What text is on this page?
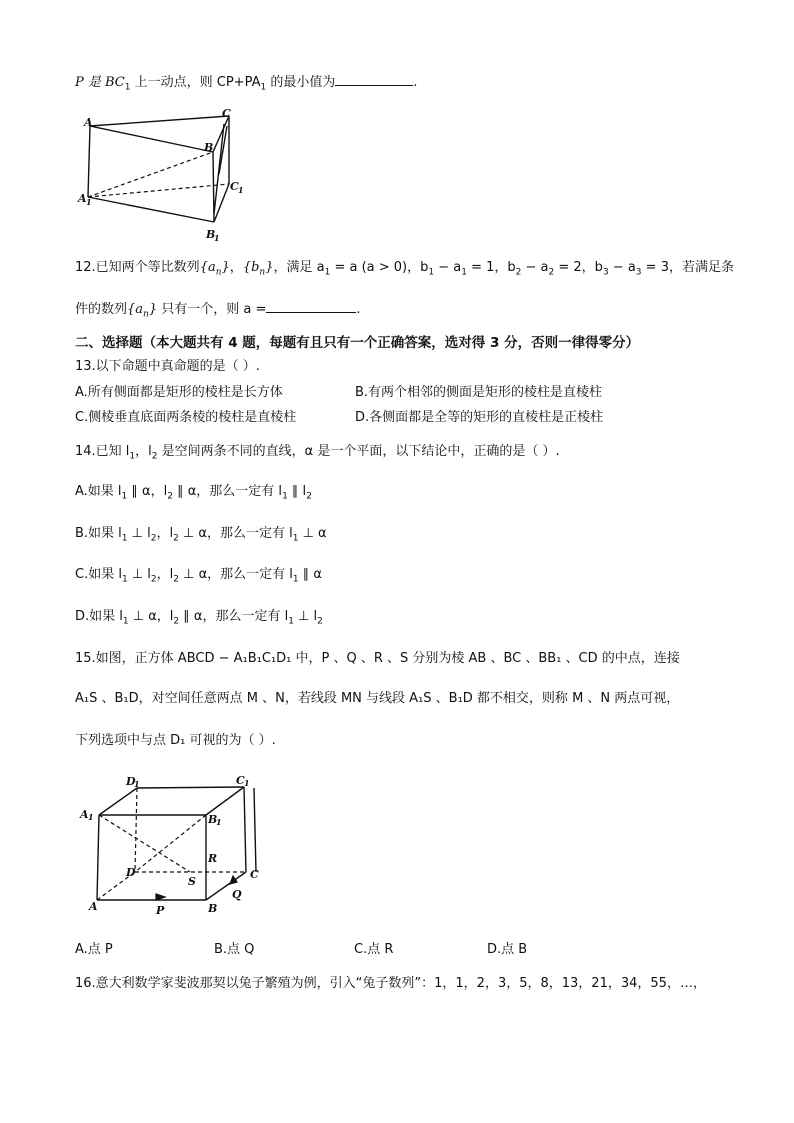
P 是 $BC_1$ 上一动点，则 $CP+PA_1$ 的最小值为	.
A
C
B
C 1
A 1
B
1
12.已知两个等比数列$\{a_n\}$，$\{b_n\}$，满足 $a_1 = a$ (a > 0)，$b_1 - a_1 = 1$，$b_2 - a_2 = 2$，$b_3 - a_3 = 3$，若满足条
件的数列$\{a_n\}$ 只有一个，则 a =	.
二、选择题（本大题共有 4 题，每题有且只有一个正确答案，选对得 3 分，否则一律得零分）
13.以下命题中真命题的是（ ）.
A.所有侧面都是矩形的棱柱是长方体	B.有两个相邻的侧面是矩形的棱柱是直棱柱
C.侧棱垂直底面两条棱的棱柱是直棱柱	D.各侧面都是全等的矩形的直棱柱是正棱柱
14.已知 $l_1$，$l_2$ 是空间两条不同的直线，α 是一个平面，以下结论中，正确的是（ ）.
A.如果 $l_1$ ∥ α，$l_2$ ∥ α，那么一定有 $l_1$ ∥ $l_2$
B.如果 $l_1$ ⊥ $l_2$，$l_2$ ⊥ α，那么一定有 $l_1$ ⊥ α
C.如果 $l_1$ ⊥ $l_2$，$l_2$ ⊥ α，那么一定有 $l_1$ ∥ α
D.如果 $l_1$ ⊥ α，$l_2$ ∥ α，那么一定有 $l_1$ ⊥ $l_2$
15.如图，正方体 ABCD − A₁B₁C₁D₁ 中，P 、Q 、R 、S 分别为棱 AB 、BC 、BB₁ 、CD 的中点，连接
A₁S 、B₁D，对空间任意两点 M 、N，若线段 MN 与线段 A₁S 、B₁D 都不相交，则称 M 、N 两点可视，
下列选项中与点 D₁ 可视的为（ ）.
D
1	C 1
A 1	B
1
R
D
S
C
A	P	B
Q
A.点 P	B.点 Q	C.点 R	D.点 B
16.意大利数学家斐波那契以兔子繁殖为例，引入“兔子数列”：1，1，2，3，5，8，13，21，34，55，…，
